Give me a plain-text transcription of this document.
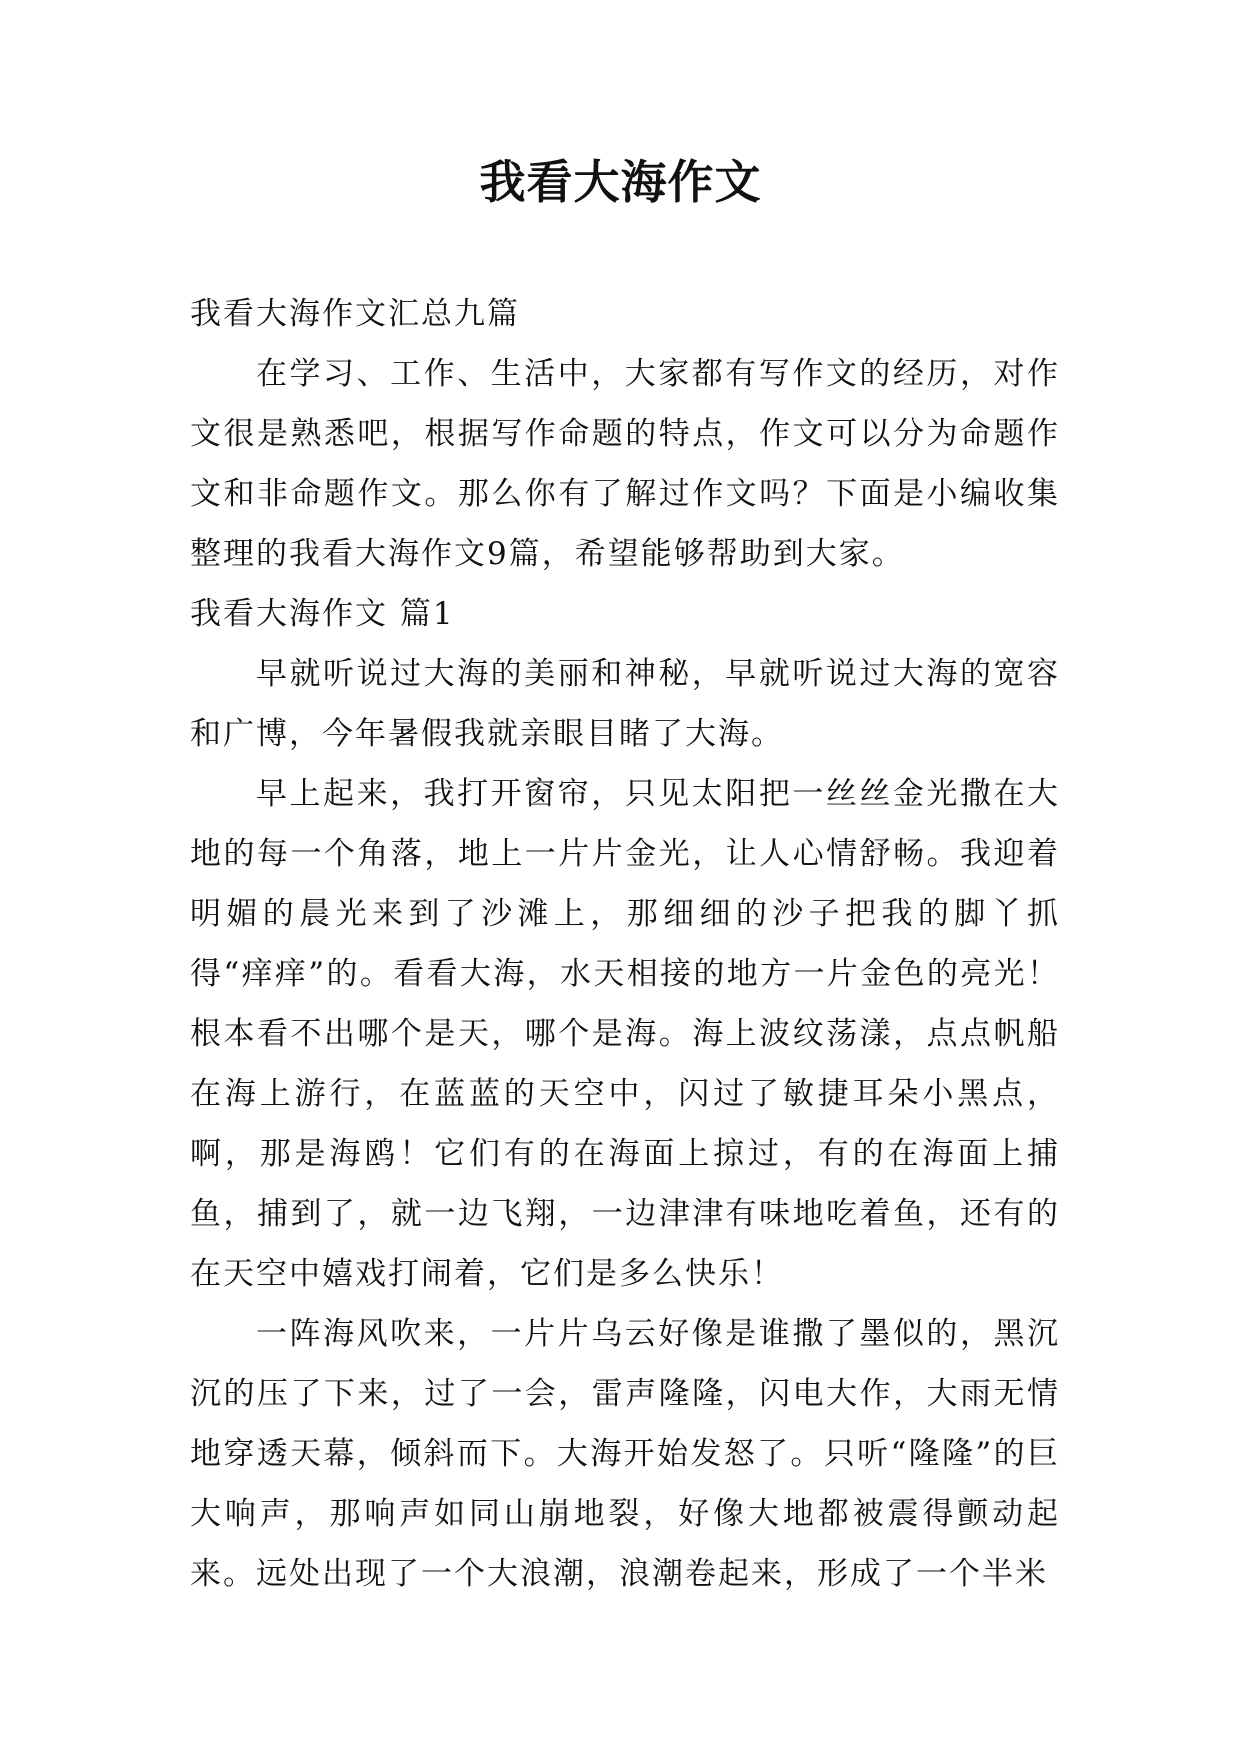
我看大海作文

我看大海作文汇总九篇

在学习、工作、生活中，大家都有写作文的经历，对作文很是熟悉吧，根据写作命题的特点，作文可以分为命题作文和非命题作文。那么你有了解过作文吗？下面是小编收集整理的我看大海作文9篇，希望能够帮助到大家。

我看大海作文 篇1

早就听说过大海的美丽和神秘，早就听说过大海的宽容和广博，今年暑假我就亲眼目睹了大海。

早上起来，我打开窗帘，只见太阳把一丝丝金光撒在大地的每一个角落，地上一片片金光，让人心情舒畅。我迎着明媚的晨光来到了沙滩上，那细细的沙子把我的脚丫抓得“痒痒”的。看看大海，水天相接的地方一片金色的亮光！根本看不出哪个是天，哪个是海。海上波纹荡漾，点点帆船在海上游行，在蓝蓝的天空中，闪过了敏捷耳朵小黑点，啊，那是海鸥！它们有的在海面上掠过，有的在海面上捕鱼，捕到了，就一边飞翔，一边津津有味地吃着鱼，还有的在天空中嬉戏打闹着，它们是多么快乐！

一阵海风吹来，一片片乌云好像是谁撒了墨似的，黑沉沉的压了下来，过了一会，雷声隆隆，闪电大作，大雨无情地穿透天幕，倾斜而下。大海开始发怒了。只听“隆隆”的巨大响声，那响声如同山崩地裂，好像大地都被震得颤动起来。远处出现了一个大浪潮，浪潮卷起来，形成了一个半米
